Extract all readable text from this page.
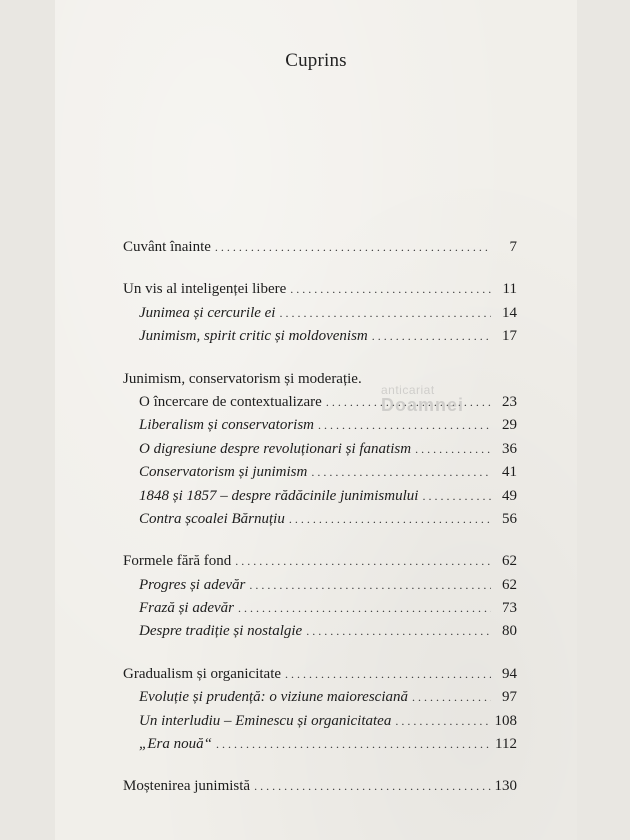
Cuprins
Cuvânt înainte . . .	7
Un vis al inteligenței libere . . .	11
Junimea și cercurile ei . . .	14
Junimism, spirit critic și moldovenism . . .	17
Junimism, conservatorism și moderație.
O încercare de contextualizare . . .	23
Liberalism și conservatorism . . .	29
O digresiune despre revoluționari și fanatism . . .	36
Conservatorism și junimism . . .	41
1848 și 1857 – despre rădăcinile junimismului . . .	49
Contra școalei Bărnuțiu . . .	56
Formele fără fond . . .	62
Progres și adevăr . . .	62
Frază și adevăr . . .	73
Despre tradiție și nostalgie . . .	80
Gradualism și organicitate . . .	94
Evoluție și prudență: o viziune maioresciană . . .	97
Un interludiu – Eminescu și organicitatea . . .	108
„Era nouă“ . . .	112
Moștenirea junimistă . . .	130
anticariat
Doamnei
